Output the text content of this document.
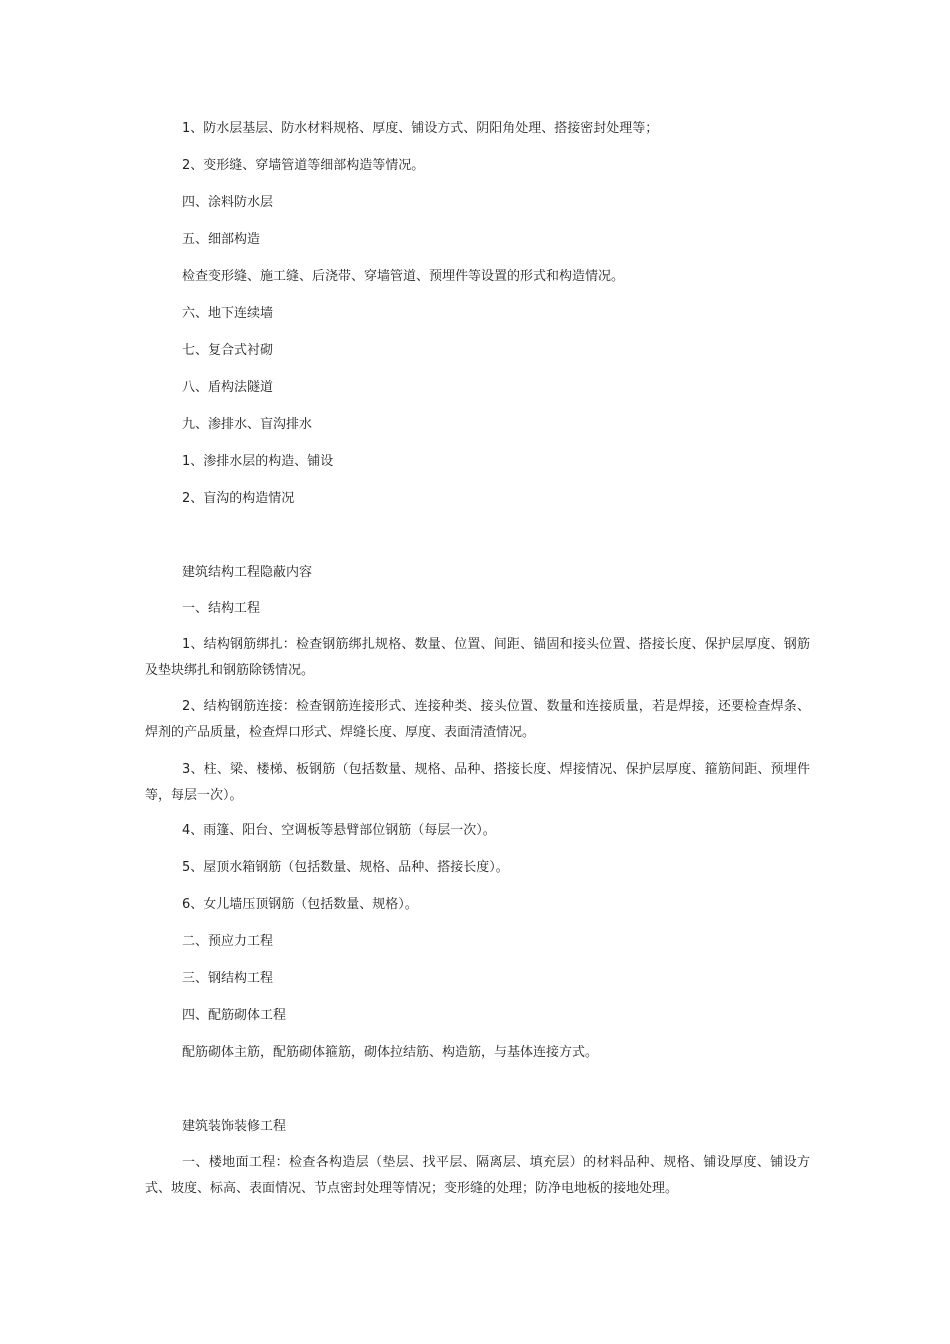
1、防水层基层、防水材料规格、厚度、铺设方式、阴阳角处理、搭接密封处理等；
2、变形缝、穿墙管道等细部构造等情况。
四、涂料防水层
五、细部构造
检查变形缝、施工缝、后浇带、穿墙管道、预埋件等设置的形式和构造情况。
六、地下连续墙
七、复合式衬砌
八、盾构法隧道
九、渗排水、盲沟排水
1、渗排水层的构造、铺设
2、盲沟的构造情况
建筑结构工程隐蔽内容
一、结构工程
1、结构钢筋绑扎：检查钢筋绑扎规格、数量、位置、间距、锚固和接头位置、搭接长度、保护层厚度、钢筋及垫块绑扎和钢筋除锈情况。
2、结构钢筋连接：检查钢筋连接形式、连接种类、接头位置、数量和连接质量，若是焊接，还要检查焊条、焊剂的产品质量，检查焊口形式、焊缝长度、厚度、表面清渣情况。
3、柱、梁、楼梯、板钢筋（包括数量、规格、品种、搭接长度、焊接情况、保护层厚度、箍筋间距、预埋件等，每层一次）。
4、雨篷、阳台、空调板等悬臂部位钢筋（每层一次）。
5、屋顶水箱钢筋（包括数量、规格、品种、搭接长度）。
6、女儿墙压顶钢筋（包括数量、规格）。
二、预应力工程
三、钢结构工程
四、配筋砌体工程
配筋砌体主筋，配筋砌体箍筋，砌体拉结筋、构造筋，与基体连接方式。
建筑装饰装修工程
一、楼地面工程：检查各构造层（垫层、找平层、隔离层、填充层）的材料品种、规格、铺设厚度、铺设方式、坡度、标高、表面情况、节点密封处理等情况；变形缝的处理；防净电地板的接地处理。
